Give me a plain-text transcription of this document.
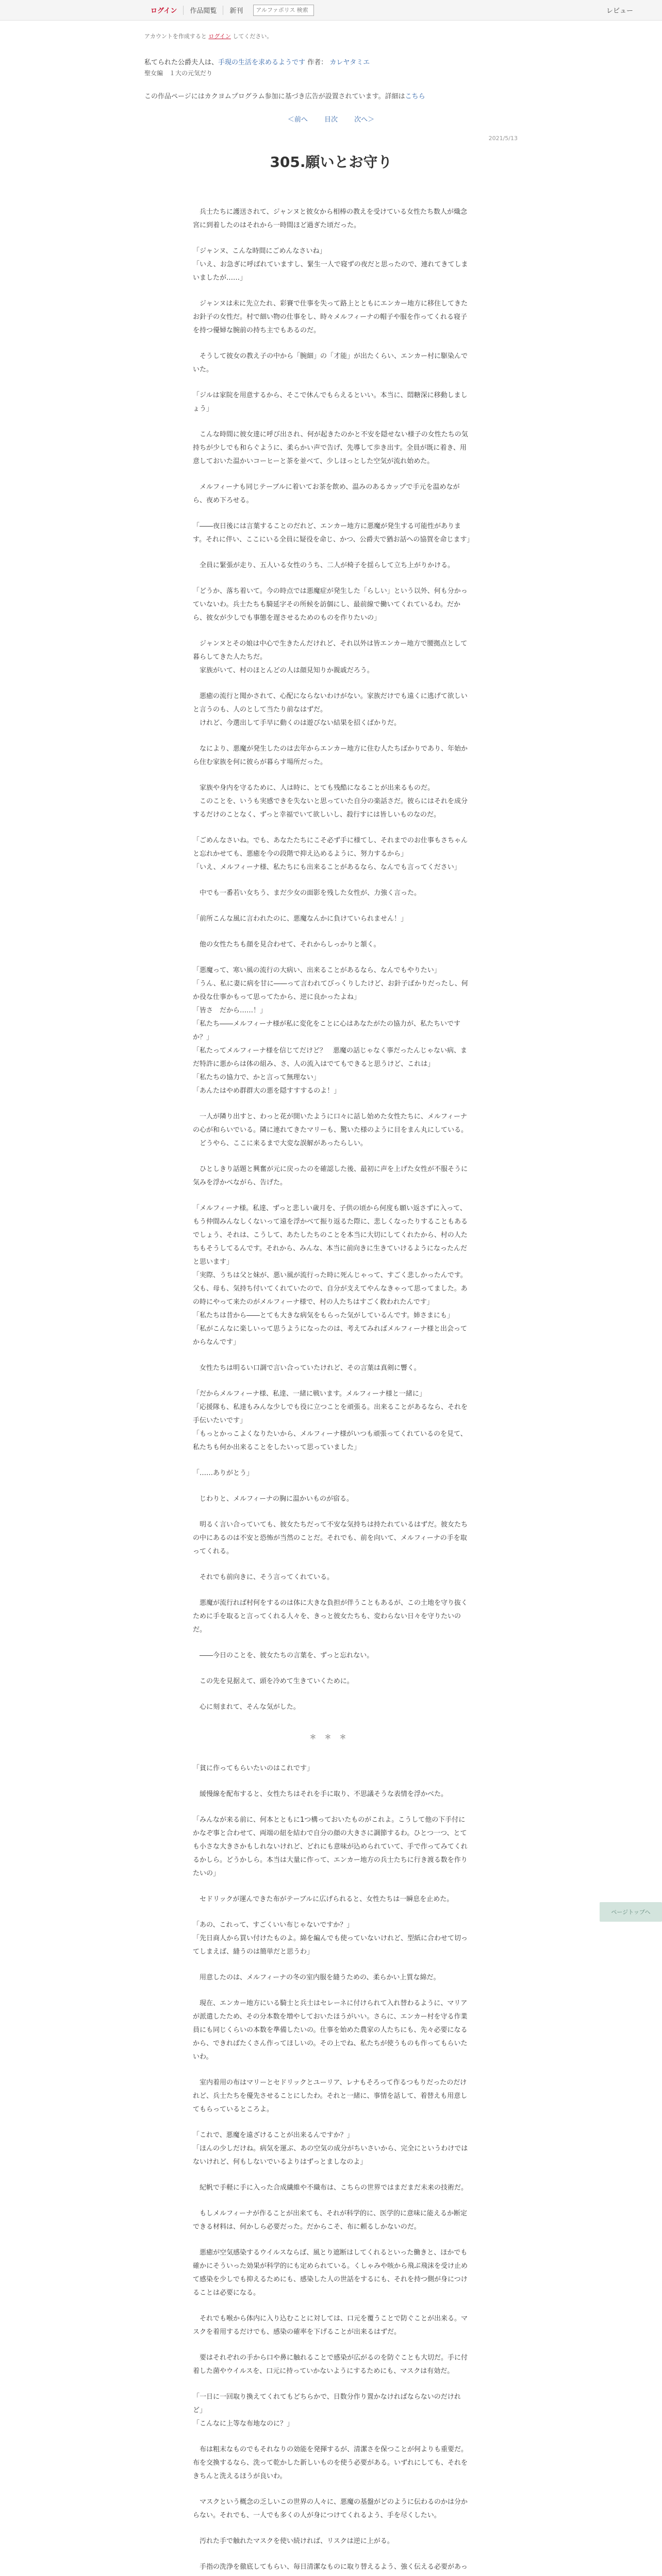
ログイン	作品閲覧	新刊
アルファポリス 検索	レビュー
アカウントを作成すると ログイン してください。
私てられた公爵夫人は、手現の生活を求めるようです 作者： カレヤタミエ
聖女編　１大の元気だり
この作品ページにはカクヨムプログラム参加に基づき広告が設置されています。詳細はこちら
＜前へ 目次 次へ＞
2021/5/13
305.願いとお守り

　兵士たちに護送されて、ジャンヌと彼女から相棒の教えを受けている女性たち数人が熾念宮に到着したのはそれから一時間ほど過ぎた頃だった。

「ジャンヌ、こんな時間にごめんなさいね」
「いえ、お急ぎに呼ばれていますし、緊生一人で寝ずの夜だと思ったので、連れてきてしまいましたが……」

　ジャンヌは未に先立たれ、彩賽で仕事を失って路上とともにエンカー地方に移住してきたお針子の女性だ。村で細い物の仕事をし、時々メルフィーナの帽子や服を作ってくれる寝子を持つ優婦な腕前の持ち主でもあるのだ。

　そうして彼女の教え子の中から「腕細」の「才能」が出たくらい、エンカー村に駆染んでいた。

「ジルは家院を用意するから、そこで休んでもらえるといい。本当に、悶糖深に移動しましょう」

　こんな時間に彼女達に呼び出され、何が起きたのかと不安を隠せない様子の女性たちの気持ちが少しでも和らぐように、柔らかい声で告げ、先導して歩き出す。全員が既に着き、用意しておいた温かいコーヒーと茶を並べて、少しほっとした空気が流れ始めた。

　メルフィーナも同じテーブルに着いてお茶を飲め、温みのあるカップで手元を温めながら、夜め下ろせる。

「――夜日後には言葉することのだれど、エンカー地方に悪魔が発生する可能性があります。それに伴い、ここにいる全員に疑役を命じ、かつ、公爵夫で猶お話への協賀を命じます」

　全員に緊張が走り、五人いる女性のうち、二人が椅子を揺らして立ち上がりかける。

「どうか、落ち着いて。今の時点では悪魔症が発生した「らしい」という以外、何も分かっていないわ。兵士たちも騎延字その所候を訪個にし、最前線で働いてくれているわ。だから、彼女が少しでも事態を遅させるためのものを作りたいの」

　ジャンヌとその娘は中心で生きたんだけれど、それ以外は皆エンカー地方で腰拠点として暮らしてきた人たちだ。
　家族がいて、村のほとんどの人は顔見知りか親戚だろう。

　悪癒の流行と聞かされて、心配にならないわけがない。家族だけでも遠くに逃げて欲しいと言うのも、人のとして当たり前なはずだ。
　けれど、今選出して手早に動くのは遊びない結果を招くばかりだ。

　なにより、悪魔が発生したのは去年からエンカー地方に住む人たちばかりであり、年始から住む家族を何に彼らが暮らす場所だった。

　家族や身内を守るために、人は時に、とても残酷になることが出来るものだ。
　このことを、いうも実感できを失ないと思っていた自分の楽話さだ。彼らにはそれを成分するだけのことなく、ずっと幸福でいて欲しいし、殺行すには皆しいものなのだ。

「ごめんなさいね。でも、あなたたちにこそ必ず手に様てし、それまでのお仕事もさちゃんと忘れかせても、悪癒を今の段階で抑え込めるように、努力するから」
「いえ、メルフィーナ様、私たちにも出来ることがあるなら、なんでも言ってください」

　中でも一番若い女ちう、まだ少女の面影を残した女性が、力強く言った。

「前所こんな風に言われたのに、悪魔なんかに負けていられません！」

　他の女性たちも顔を見合わせて、それからしっかりと頷く。

「悪魔って、寒い風の流行の大病い、出来ることがあるなら、なんでもやりたい」
「うん、私に妻に病を甘に――って言われてびっくりしたけど、お針子ばかりだったし、何か役な仕事かもって思ってたから、逆に良かったよね」
「皆さ　だから……！」
「私たち――メルフィーナ様が私に変化をことに心はあなたがたの協力が、私たちいですか？」
「私たってメルフィーナ様を信じてだけど？　悪魔の話じゃなく事だったんじゃない病、まだ特許に悪からは体の組み、さ、人の流入はでてもできると思うけど、これは」
「私たちの協力で、かと言って無理ない」
「あんたはやめ群群大の悪を隠すすするのよ！」

　一人が隣り出すと、わっと花が開いたように口々に話し始めた女性たちに、メルフィーナの心が和らいでいる。隣に連れてきたマリーも、驚いた様のように目をまん丸にしている。
　どうやら、ここに来るまで大変な誤解があったらしい。

　ひとしきり話題と興奮が元に戻ったのを確認した後、最初に声を上げた女性が不服そうに気みを浮かべながら、告げた。

「メルフィーナ様。私達、ずっと悲しい歳月を、子供の頃から何度も願い返さずに入って、もう仲間みんなしくないって遠を浮かべて振り返るた際に、悲しくなったりすることもあるでしょう、それは、こうして、あたしたちのことを本当に大切にしてくれたから、村の人たちもそうしてるんです。それから、みんな、本当に前向きに生きていけるようになったんだと思います」
「実際、うちは父と妹が、悪い風が流行った時に死んじゃって、すごく悲しかったんです。父も、母も、気持ち付いてくれていたので、自分が支えてやんなきゃって思ってました。あの時にやって来たのがメルフィーナ様で、村の人たちはすごく救われたんです」
「私たちは昔から――とても大きな病気をもらった気がしているんです。姉さまにも」
「私がこんなに楽しいって思うようになったのは、考えてみればメルフィーナ様と出会ってからなんです」

　女性たちは明るい口調で言い合っていたけれど、その言葉は真剣に響く。

「だからメルフィーナ様、私達、一緒に戦います。メルフィーナ様と一緒に」
「応援隊も、私達もみんな少しでも役に立つことを頑張る。出来ることがあるなら、それを手伝いたいです」
「もっとかっこよくなりたいから、メルフィーナ様がいつも頑張ってくれているのを見て、私たちも何か出来ることをしたいって思っていました」

「……ありがとう」

　じわりと、メルフィーナの胸に温かいものが宿る。

　明るく言い合っていても、彼女たちだって不安な気持ちは持たれているはずだ。彼女たちの中にあるのは不安と恐怖が当然のことだ。それでも、前を向いて、メルフィーナの手を取ってくれる。

　それでも前向きに、そう言ってくれている。

　悪魔が流行れば村何をするのは体に大きな負担が伴うこともあるが、この土地を守り抜くために手を取ると言ってくれる人々を、きっと彼女たちも、変わらない日々を守りたいのだ。

　――今日のことを、彼女たちの言葉を、ずっと忘れない。

　この先を見据えて、頭を冷めて生きていくために。

　心に刻まれて、そんな気がした。

＊＊＊

「貧に作ってもらいたいのはこれです」

　緩慢線を配布すると、女性たちはそれを手に取り、不思議そうな表情を浮かべた。

「みんなが来る前に、何本とともに1つ構っておいたものがこれよ。こうして他の下手付にかなぞ事と合わせて、両端の紐を結わで自分の顔の大きさに調節するわ。ひとつ一つ、とても小さな大きさかもしれないけれど、どれにも意味が込められていて、手で作ってみてくれるかしら。どうかしら。本当は大量に作って、エンカー地方の兵士たちに行き渡る数を作りたいの」

　セドリックが運んできた布がテーブルに広げられると、女性たちは一瞬息を止めた。

「あの、これって、すごくいい布じゃないですか？」
「先日商人から買い付けたものよ。綿を編んでも使っていないけれど、型紙に合わせて切ってしまえば、縫うのは簡単だと思うわ」

　用意したのは、メルフィーナの冬の室内服を縫うための、柔らかい上質な綿だ。

　現在、エンカー地方にいる騎士と兵士はセレーネに付けられて入れ替わるように、マリアが派遣したため、その分本数を増やしておいたほうがいい。さらに、エンカー村を守る作業員にも同じくらいの本数を準備したいの。仕事を始めた農家の人たちにも、先々必要になるから、できればたくさん作ってほしいの。その上でね、私たちが使うものも作ってもらいたいわ。

　室内着用の布はマリーとセドリックとユーリア、レナもそろって作るつもりだったのだけれど、兵士たちを優先させることにしたわ。それと一緒に、事情を話して、着替えも用意してもらっているところよ。

「これで、悪魔を遠ざけることが出来るんですか？」
「ほんの少しだけね。病気を運ぶ、あの空気の成分がちいさいから、完全にというわけではないけれど、何もしないでいるよりはずっとましなのよ」

　紀帆で手軽に手に入った合成繊維や不織布は、こちらの世界ではまだまだ未来の技術だ。

　もしメルフィーナが作ることが出来ても、それが科学的に、医学的に意味に能えるか断定できる材料は、何かしら必要だった。だからこそ、布に頼るしかないのだ。

　悪癒が空気感染するウイルスならば、風とり遮断はしてくれるといった働きと、ほかでも確かにそういった効果が科学的にも定められている。くしゃみや咳から飛ぶ飛沫を受け止めて感染を少しでも抑えるためにも、感染した人の世話をするにも、それを持つ側が身につけることは必要になる。

　それでも喉から体内に入り込むことに対しては、口元を覆うことで防ぐことが出来る。マスクを着用するだけでも、感染の確率を下げることが出来るはずだ。

　要はそれぞれの手から口や鼻に触れることで感染が広がるのを防ぐことも大切だ。手に付着した菌やウイルスを、口元に持っていかないようにするためにも、マスクは有効だ。

「一日に一回取り換えてくれてもどちらかで、日数分作り置かなければならないのだけれど」
「こんなに上等な布地なのに？」

　布は粗末なものでもそれなりの効能を発揮するが、清潔さを保つことが何よりも重要だ。布を交換するなら、洗って乾かした新しいものを使う必要がある。いずれにしても、それをきちんと洗えるほうが良いわ。

　マスクという概念の乏しいこの世界の人々に、悪魔の基盤がどのように伝わるのかは分からない。それでも、一人でも多くの人が身につけてくれるよう、手を尽くしたい。

　汚れた手で触れたマスクを使い続ければ、リスクは逆に上がる。

　手指の洗浄を徹底してもらい、毎日清潔なものに取り替えるよう、強く伝える必要があっ

ページトップへ
